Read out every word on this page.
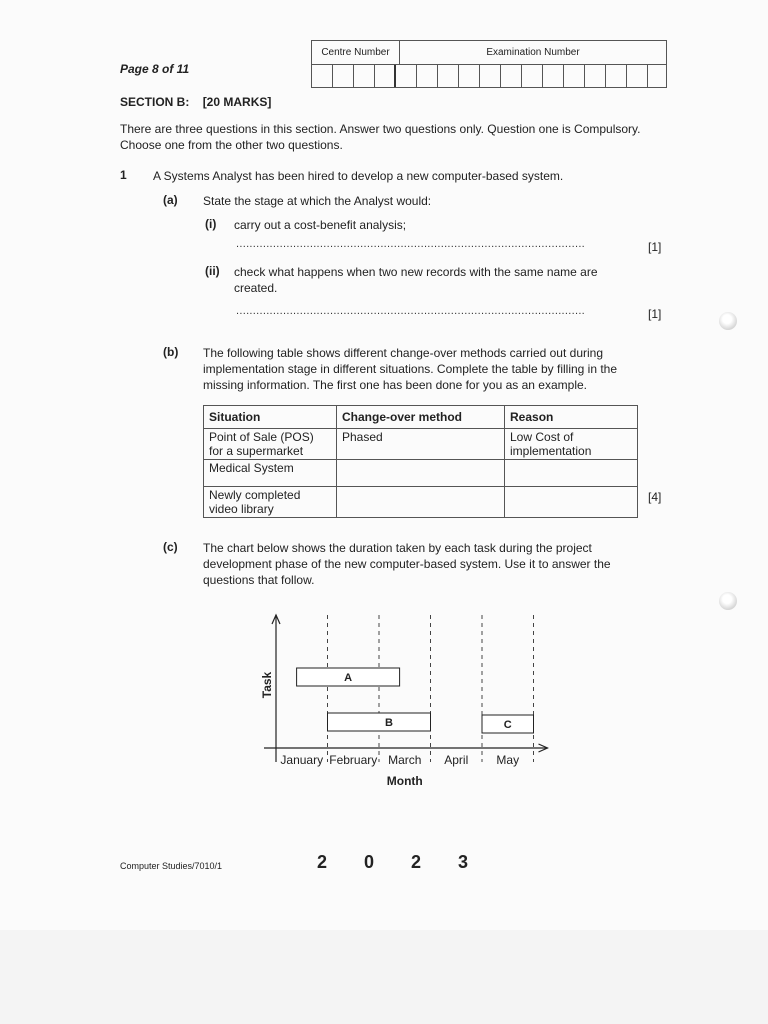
Page 8 of 11
Centre Number	Examination Number
SECTION B: [20 MARKS]
There are three questions in this section. Answer two questions only. Question one is Compulsory. Choose one from the other two questions.
1 A Systems Analyst has been hired to develop a new computer-based system.
(a) State the stage at which the Analyst would:
(i) carry out a cost-benefit analysis;
........................................................................................................	[1]
(ii) check what happens when two new records with the same name are created.
........................................................................................................	[1]
(b) The following table shows different change-over methods carried out during implementation stage in different situations. Complete the table by filling in the missing information. The first one has been done for you as an example.
Situation	Change-over method	Reason
Point of Sale (POS) for a supermarket	Phased	Low Cost of implementation
Medical System		
Newly completed video library		
[4]
(c) The chart below shows the duration taken by each task during the project development phase of the new computer-based system. Use it to answer the questions that follow.
January February March April May
Month
Task	A
B	C
Computer Studies/7010/1	2 0 2 3
